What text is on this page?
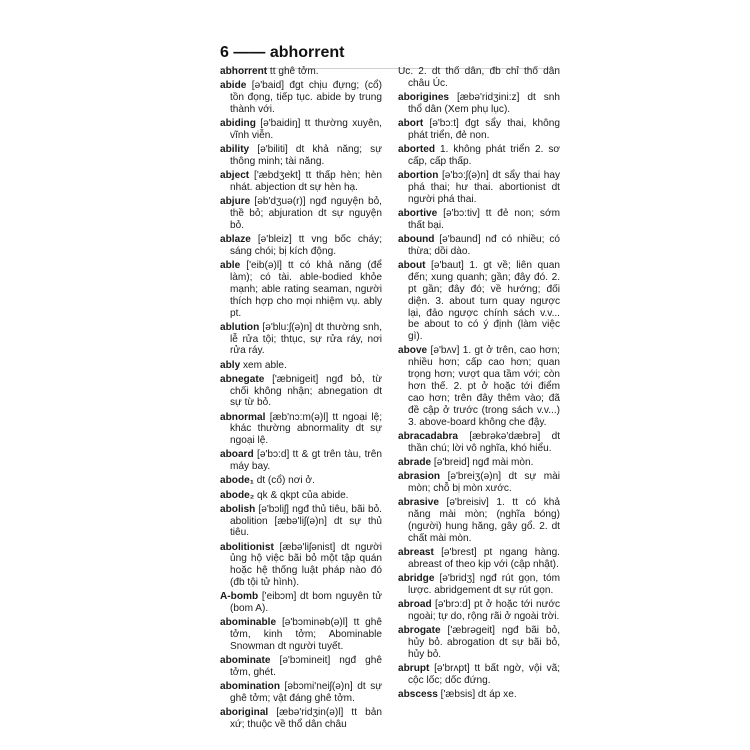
6 —— abhorrent
abhorrent tt ghê tởm.
abide [ə'baid] đgt chịu đựng; (cổ) tồn đọng, tiếp tục. abide by trung thành với.
abiding [ə'baidiŋ] tt thường xuyên, vĩnh viễn.
ability [ə'biliti] dt khả năng; sự thông minh; tài năng.
abject ['æbdʒekt] tt thấp hèn; hèn nhát. abjection dt sự hèn hạ.
abjure [əb'dʒuə(r)] ngđ nguyện bỏ, thề bỏ; abjuration dt sự nguyện bỏ.
ablaze [ə'bleiz] tt vng bốc cháy; sáng chói; bị kích động.
able ['eib(ə)l] tt có khả năng (để làm); có tài. able-bodied khỏe mạnh; able rating seaman, người thích hợp cho mọi nhiệm vụ. ably pt.
ablution [ə'blu:ʃ(ə)n] dt thường snh, lễ rửa tội; thtục, sự rửa ráy, nơi rửa ráy.
ably xem able.
abnegate ['æbnigeit] ngđ bỏ, từ chối không nhận; abnegation dt sự từ bỏ.
abnormal [æb'nɔ:m(ə)l] tt ngoại lệ; khác thường abnormality dt sự ngoại lệ.
aboard [ə'bɔ:d] tt & gt trên tàu, trên máy bay.
abode₁ dt (cổ) nơi ở.
abode₂ qk & qkpt của abide.
abolish [ə'bɔliʃ] ngđ thủ tiêu, bãi bỏ. abolition [æbə'liʃ(ə)n] dt sự thủ tiêu.
abolitionist [æbə'liʃənist] dt người ủng hộ việc bãi bỏ một tập quán hoặc hệ thống luật pháp nào đó (đb tội tử hình).
A-bomb ['eibɔm] dt bom nguyên tử (bom A).
abominable [ə'bɔminəb(ə)l] tt ghê tởm, kinh tởm; Abominable Snowman dt người tuyết.
abominate [ə'bɔmineit] ngđ ghê tởm, ghét.
abomination [əbɔmi'neiʃ(ə)n] dt sự ghê tởm; vật đáng ghê tởm.
aboriginal [æbə'ridʒin(ə)l] tt bản xứ; thuộc về thổ dân châu
Úc. 2. dt thổ dân, đb chỉ thổ dân châu Úc.
aborigines [æbə'ridʒini:z] dt snh thổ dân (Xem phụ lục).
abort [ə'bɔ:t] đgt sẩy thai, không phát triển, đẻ non.
aborted 1. không phát triển 2. sơ cấp, cấp thấp.
abortion [ə'bɔ:ʃ(ə)n] dt sẩy thai hay phá thai; hư thai. abortionist dt người phá thai.
abortive [ə'bɔ:tiv] tt đẻ non; sớm thất bại.
abound [ə'baund] nđ có nhiều; có thừa; dồi dào.
about [ə'baut] 1. gt về; liên quan đến; xung quanh; gần; đây đó. 2. pt gần; đây đó; về hướng; đối diện. 3. about turn quay ngược lại, đảo ngược chính sách v.v... be about to có ý định (làm việc gì).
above [ə'bʌv] 1. gt ở trên, cao hơn; nhiều hơn; cấp cao hơn; quan trọng hơn; vượt qua tầm với; còn hơn thế. 2. pt ở hoặc tới điểm cao hơn; trên đây thêm vào; đã đề cập ở trước (trong sách v.v...) 3. above-board không che đậy.
abracadabra [æbrəkə'dæbrə] dt thần chú; lời vô nghĩa, khó hiểu.
abrade [ə'breid] ngđ mài mòn.
abrasion [ə'breiʒ(ə)n] dt sự mài mòn; chỗ bị mòn xước.
abrasive [ə'breisiv] 1. tt có khả năng mài mòn; (nghĩa bóng) (người) hung hăng, gây gổ. 2. dt chất mài mòn.
abreast [ə'brest] pt ngang hàng. abreast of theo kịp với (cập nhật).
abridge [ə'bridʒ] ngđ rút gọn, tóm lược. abridgement dt sự rút gọn.
abroad [ə'brɔ:d] pt ở hoặc tới nước ngoài; tự do, rộng rãi ở ngoài trời.
abrogate ['æbrəgeit] ngđ bãi bỏ, hủy bỏ. abrogation dt sự bãi bỏ, hủy bỏ.
abrupt [ə'brʌpt] tt bất ngờ, vội vã; cộc lốc; dốc đứng.
abscess ['æbsis] dt áp xe.
